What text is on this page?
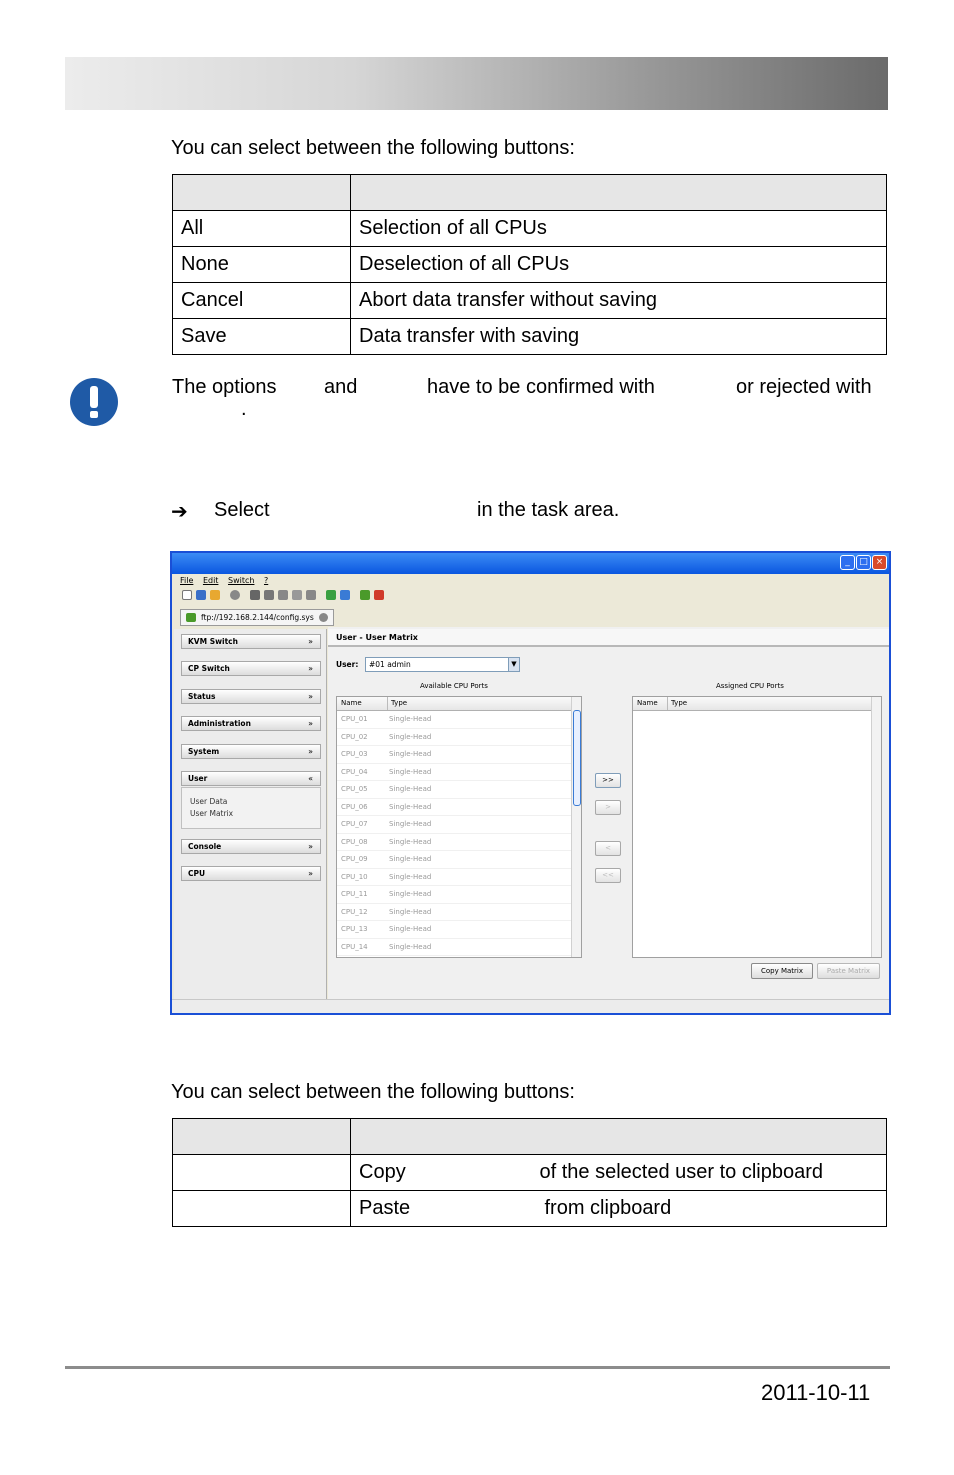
You can select between the following buttons:

All	Selection of all CPUs
None	Deselection of all CPUs
Cancel	Abort data transfer without saving
Save	Data transfer with saving
The options and	have to be confirmed with	or rejected with
.
➔ Select	in the task area.
_	□ ×
File Edit Switch ?
ftp://192.168.2.144/config.sys
KVM Switch	»
CP Switch	»
Status	»
Administration	»
System	»
User	«
User Data
User Matrix
Console	»
CPU	»
User - User Matrix
User:	#01 admin	▼
Available CPU Ports	Assigned CPU Ports
Name	Type
CPU_01	Single-Head
CPU_02	Single-Head
CPU_03	Single-Head
CPU_04	Single-Head
CPU_05	Single-Head
CPU_06	Single-Head
CPU_07	Single-Head
CPU_08	Single-Head
CPU_09	Single-Head
CPU_10	Single-Head
CPU_11	Single-Head
CPU_12	Single-Head
CPU_13	Single-Head
CPU_14	Single-Head
>>
>
<
<<
Name	Type
Copy Matrix	Paste Matrix
You can select between the following buttons:

	Copy of the selected user to clipboard

	Paste from clipboard
2011-10-11
